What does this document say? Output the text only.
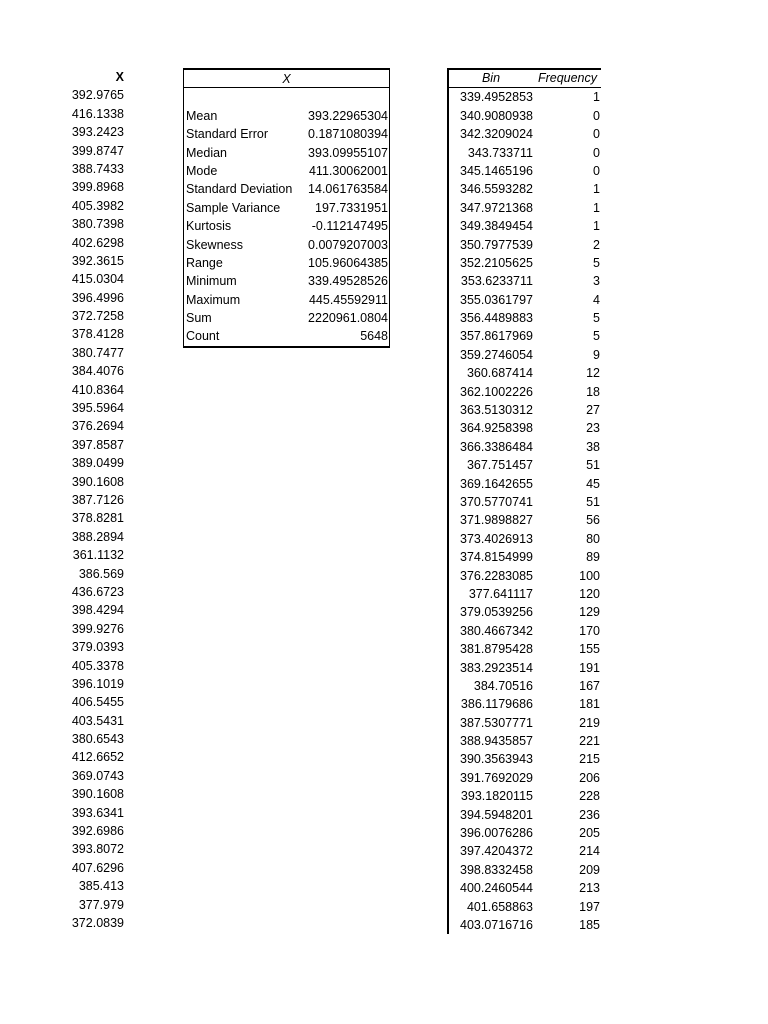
X
392.9765
416.1338
393.2423
399.8747
388.7433
399.8968
405.3982
380.7398
402.6298
392.3615
415.0304
396.4996
372.7258
378.4128
380.7477
384.4076
410.8364
395.5964
376.2694
397.8587
389.0499
390.1608
387.7126
378.8281
388.2894
361.1132
386.569
436.6723
398.4294
399.9276
379.0393
405.3378
396.1019
406.5455
403.5431
380.6543
412.6652
369.0743
390.1608
393.6341
392.6986
393.8072
407.6296
385.413
377.979
372.0839
X
Mean	393.22965304
Standard Error	0.1871080394
Median	393.09955107
Mode	411.30062001
Standard Deviation 14.061763584
Sample Variance	197.7331951
Kurtosis	-0.112147495
Skewness	0.0079207003
Range	105.96064385
Minimum	339.49528526
Maximum	445.45592911
Sum	2220961.0804
Count	5648
Bin	Frequency
339.4952853	1
340.9080938	0
342.3209024	0
343.733711	0
345.1465196	0
346.5593282	1
347.9721368	1
349.3849454	1
350.7977539	2
352.2105625	5
353.6233711	3
355.0361797	4
356.4489883	5
357.8617969	5
359.2746054	9
360.687414	12
362.1002226	18
363.5130312	27
364.9258398	23
366.3386484	38
367.751457	51
369.1642655	45
370.5770741	51
371.9898827	56
373.4026913	80
374.8154999	89
376.2283085	100
377.641117	120
379.0539256	129
380.4667342	170
381.8795428	155
383.2923514	191
384.70516	167
386.1179686	181
387.5307771	219
388.9435857	221
390.3563943	215
391.7692029	206
393.1820115	228
394.5948201	236
396.0076286	205
397.4204372	214
398.8332458	209
400.2460544	213
401.658863	197
403.0716716	185
